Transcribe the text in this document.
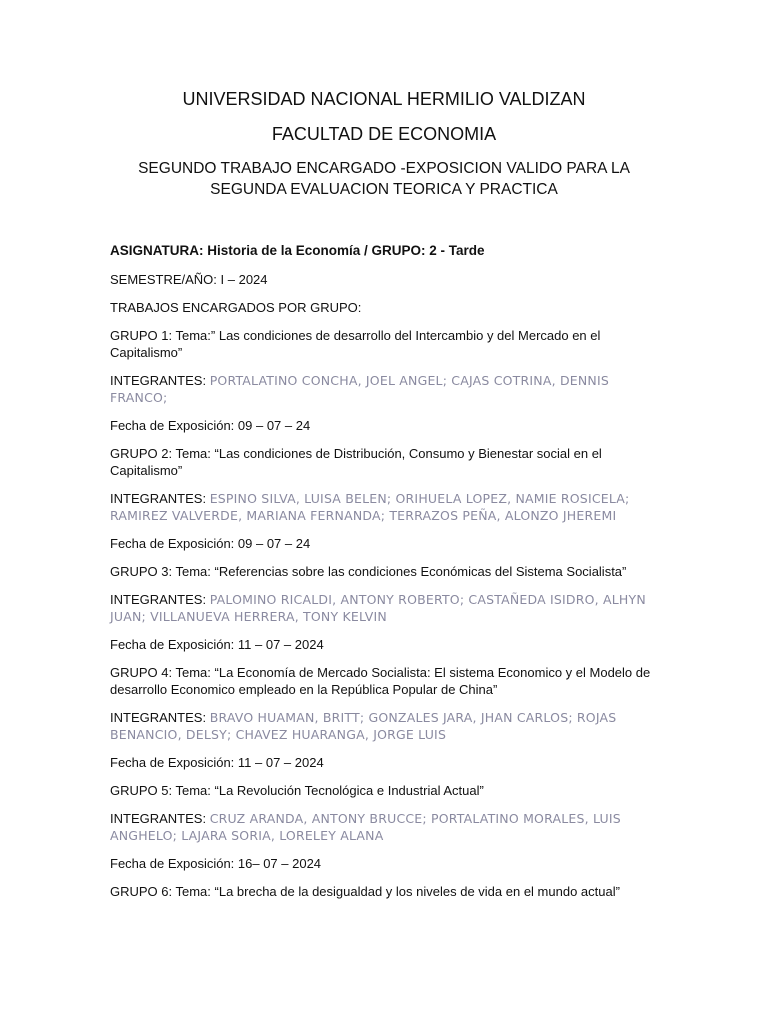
UNIVERSIDAD NACIONAL HERMILIO VALDIZAN
FACULTAD DE ECONOMIA
SEGUNDO TRABAJO ENCARGADO -EXPOSICION VALIDO PARA LA
SEGUNDA EVALUACION TEORICA Y PRACTICA

ASIGNATURA: Historia de la Economía / GRUPO: 2 - Tarde

SEMESTRE/AÑO: I – 2024

TRABAJOS ENCARGADOS POR GRUPO:

GRUPO 1: Tema:” Las condiciones de desarrollo del Intercambio y del Mercado en el Capitalismo”

INTEGRANTES: PORTALATINO CONCHA, JOEL ANGEL; CAJAS COTRINA, DENNIS FRANCO;

Fecha de Exposición: 09 – 07 – 24

GRUPO 2: Tema: “Las condiciones de Distribución, Consumo y Bienestar social en el Capitalismo”

INTEGRANTES: ESPINO SILVA, LUISA BELEN; ORIHUELA LOPEZ, NAMIE ROSICELA; RAMIREZ VALVERDE, MARIANA FERNANDA; TERRAZOS PEÑA, ALONZO JHEREMI

Fecha de Exposición: 09 – 07 – 24

GRUPO 3: Tema: “Referencias sobre las condiciones Económicas del Sistema Socialista”

INTEGRANTES: PALOMINO RICALDI, ANTONY ROBERTO; CASTAÑEDA ISIDRO, ALHYN JUAN; VILLANUEVA HERRERA, TONY KELVIN

Fecha de Exposición: 11 – 07 – 2024

GRUPO 4: Tema: “La Economía de Mercado Socialista: El sistema Economico y el Modelo de desarrollo Economico empleado en la República Popular de China”

INTEGRANTES: BRAVO HUAMAN, BRITT; GONZALES JARA, JHAN CARLOS; ROJAS BENANCIO, DELSY; CHAVEZ HUARANGA, JORGE LUIS

Fecha de Exposición: 11 – 07 – 2024

GRUPO 5: Tema: “La Revolución Tecnológica e Industrial Actual”

INTEGRANTES: CRUZ ARANDA, ANTONY BRUCCE; PORTALATINO MORALES, LUIS ANGHELO; LAJARA SORIA, LORELEY ALANA

Fecha de Exposición: 16– 07 – 2024

GRUPO 6: Tema: “La brecha de la desigualdad y los niveles de vida en el mundo actual”
